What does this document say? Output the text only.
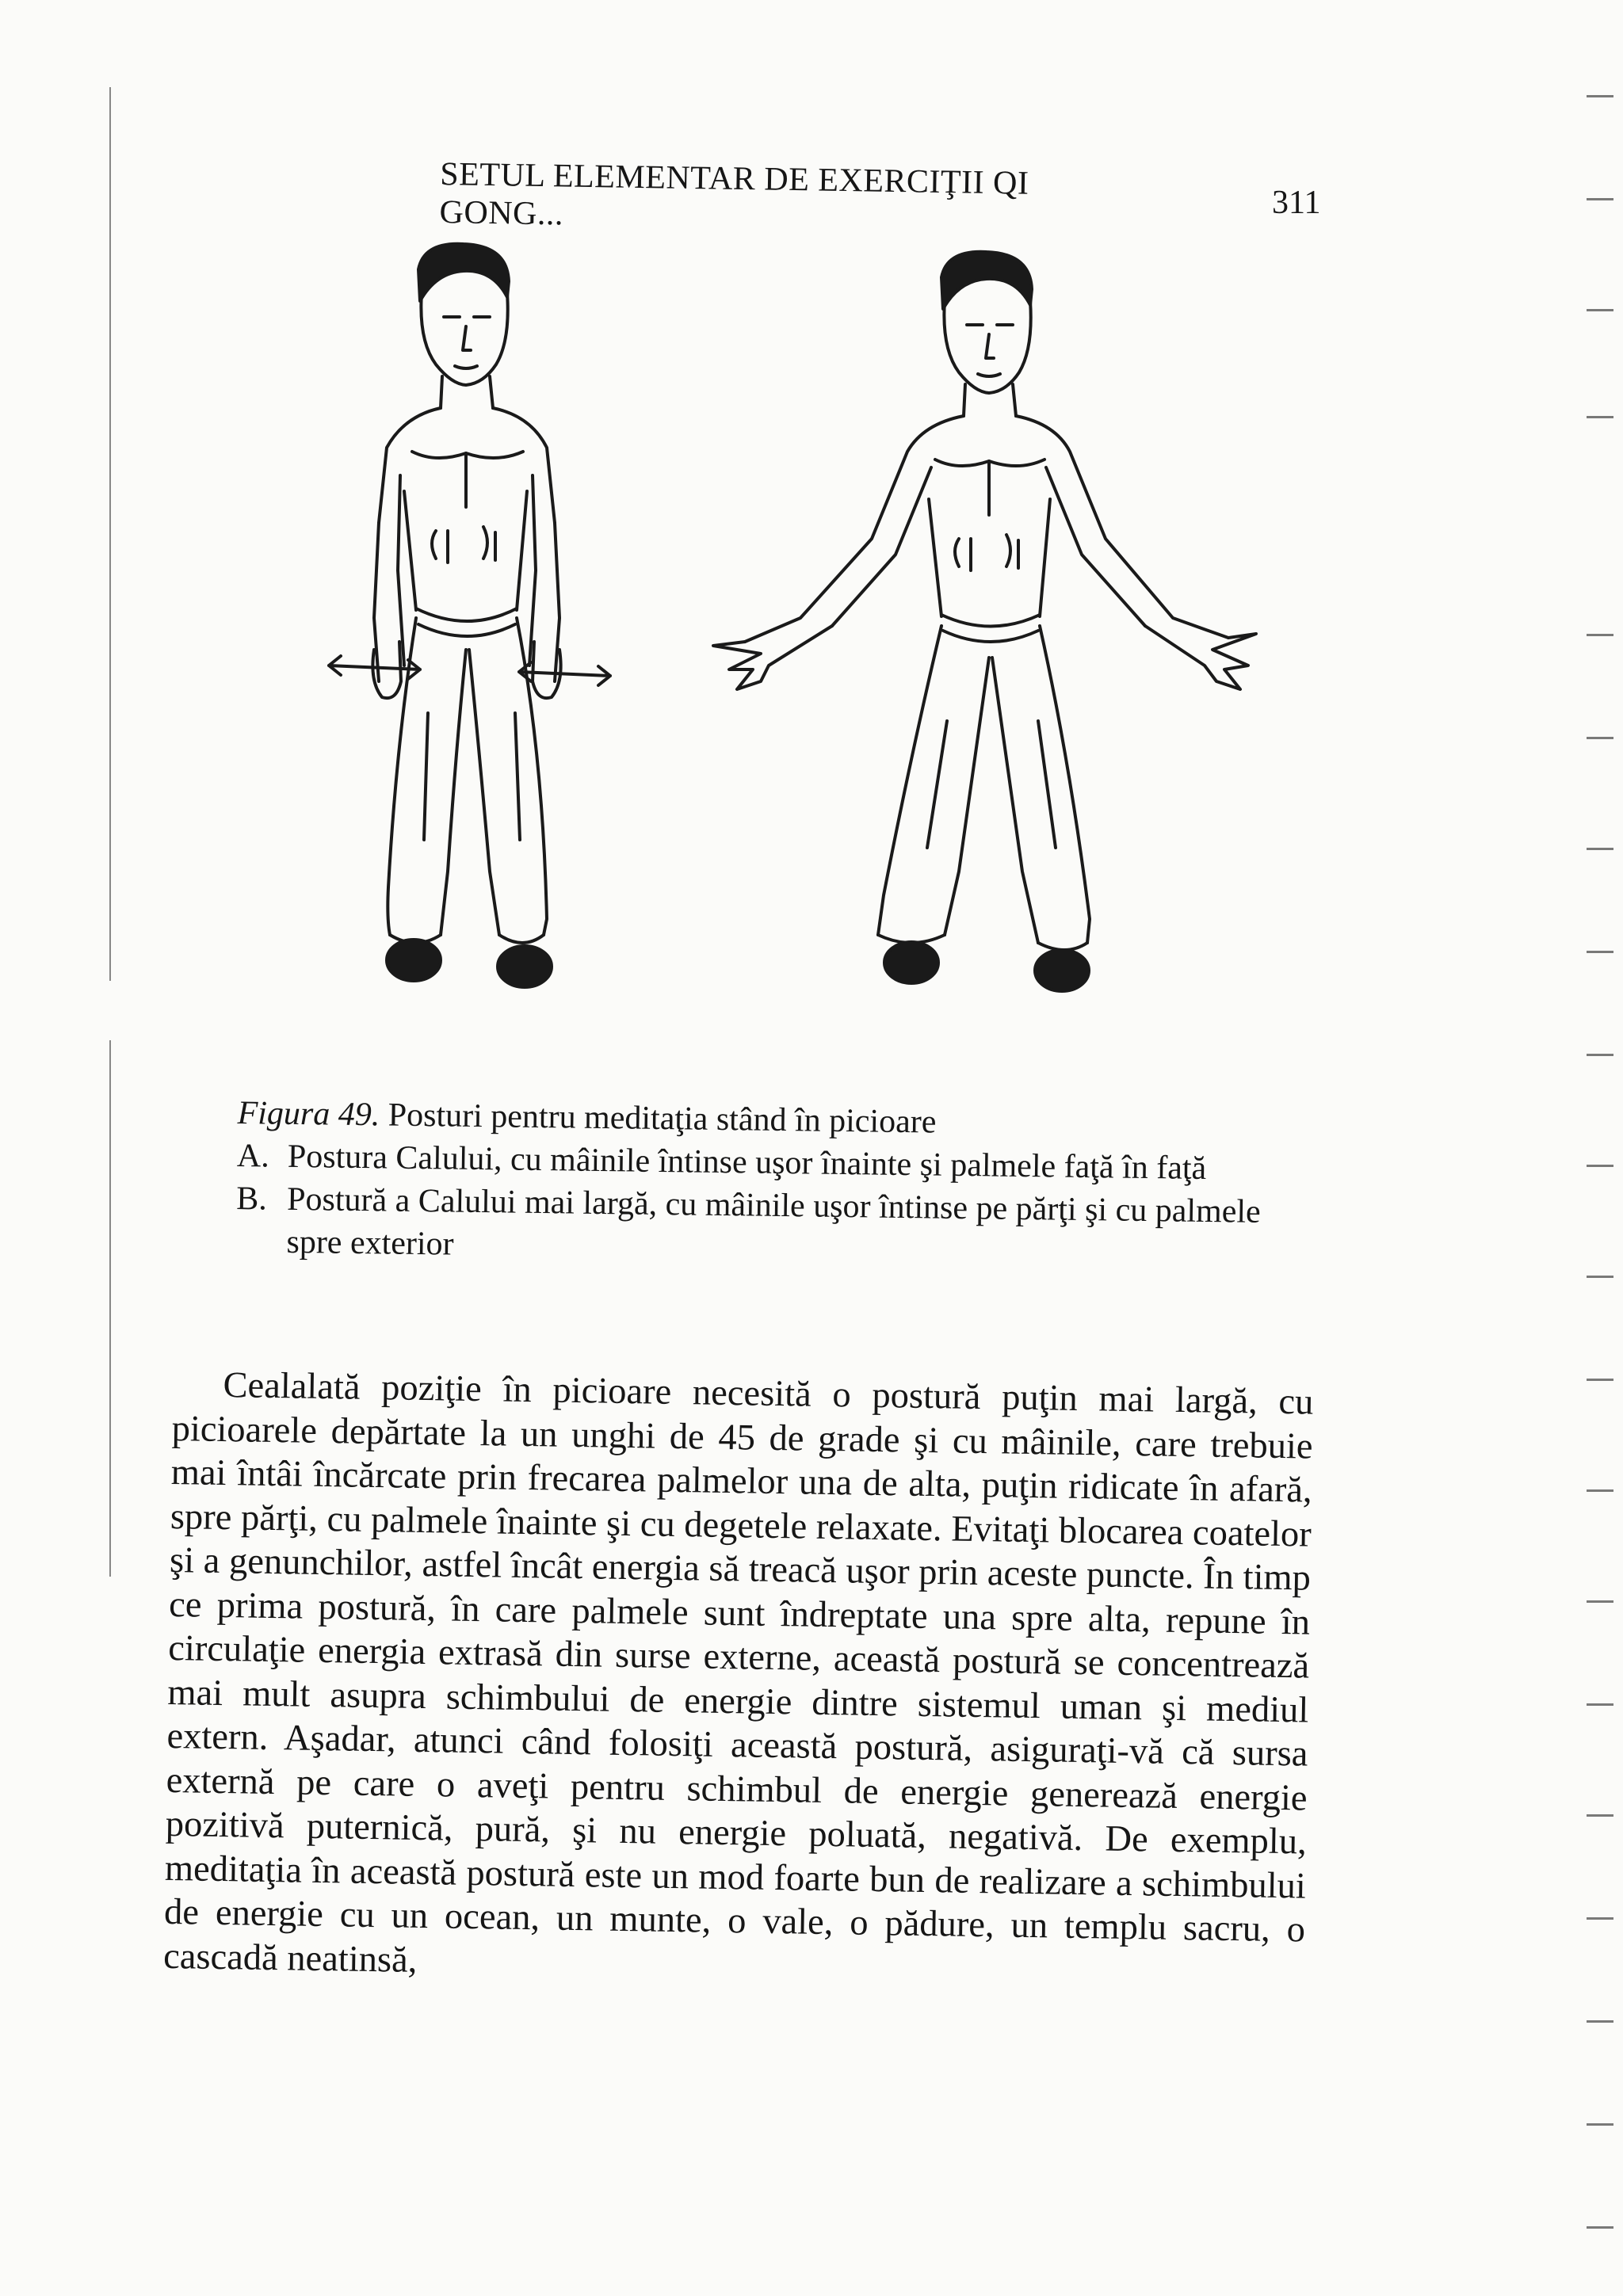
SETUL ELEMENTAR DE EXERCIŢII QI GONG...	311
Figura 49. Posturi pentru meditaţia stând în picioare
A. Postura Calului, cu mâinile întinse uşor înainte şi palmele faţă în faţă
B. Postură a Calului mai largă, cu mâinile uşor întinse pe părţi şi cu palmele spre exterior

Cealalată poziţie în picioare necesită o postură puţin mai largă, cu picioarele depărtate la un unghi de 45 de grade şi cu mâinile, care trebuie mai întâi încărcate prin frecarea palmelor una de alta, puţin ridicate în afară, spre părţi, cu palmele înainte şi cu degetele relaxate. Evitaţi blocarea coatelor şi a genunchilor, astfel încât energia să treacă uşor prin aceste puncte. În timp ce prima postură, în care palmele sunt îndreptate una spre alta, repune în circulaţie energia extrasă din surse externe, această postură se concentrează mai mult asupra schimbului de energie dintre sistemul uman şi mediul extern. Aşadar, atunci când folosiţi această postură, asiguraţi-vă că sursa externă pe care o aveţi pentru schimbul de energie generează energie pozitivă puternică, pură, şi nu energie poluată, negativă. De exemplu, meditaţia în această postură este un mod foarte bun de realizare a schimbului de energie cu un ocean, un munte, o vale, o pădure, un templu sacru, o cascadă neatinsă,
